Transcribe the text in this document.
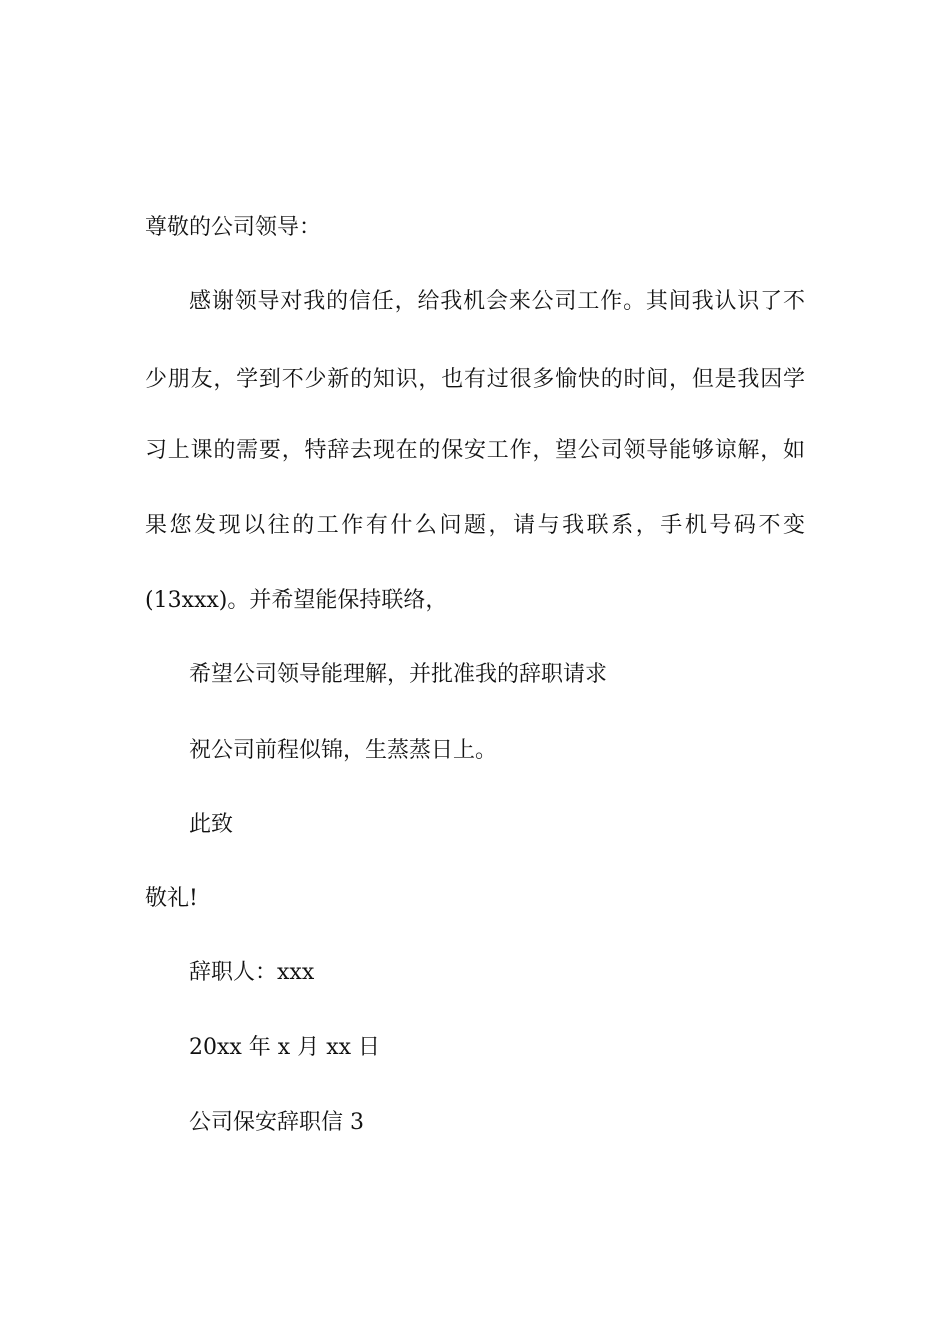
尊敬的公司领导：
感谢领导对我的信任，给我机会来公司工作。其间我认识了不
少朋友，学到不少新的知识，也有过很多愉快的时间，但是我因学
习上课的需要，特辞去现在的保安工作，望公司领导能够谅解，如
果您发现以往的工作有什么问题，请与我联系，手机号码不变
(13xxx)。并希望能保持联络，
希望公司领导能理解，并批准我的辞职请求
祝公司前程似锦，生蒸蒸日上。
此致
敬礼!
辞职人：xxx
20xx 年 x 月 xx 日
公司保安辞职信 3
